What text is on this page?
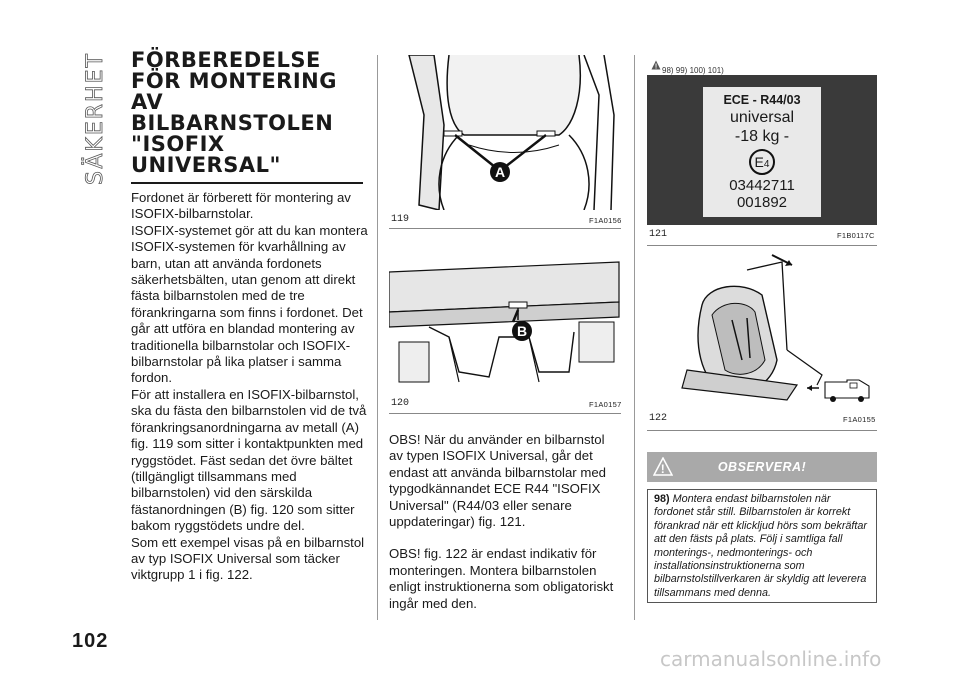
SÄKERHET
102
FÖRBEREDELSE
FÖR MONTERING AV
BILBARNSTOLEN
"ISOFIX
UNIVERSAL"

Fordonet är förberett för montering av ISOFIX-bilbarnstolar.

ISOFIX-systemet gör att du kan montera ISOFIX-systemen för kvarhållning av barn, utan att använda fordonets säkerhetsbälten, utan genom att direkt fästa bilbarnstolen med de tre förankringarna som finns i fordonet. Det går att utföra en blandad montering av traditionella bilbarnstolar och ISOFIX-bilbarnstolar på lika platser i samma fordon.

För att installera en ISOFIX-bilbarnstol, ska du fästa den bilbarnstolen vid de två förankringsanordningarna av metall (A) fig. 119 som sitter i kontaktpunkten med ryggstödet. Fäst sedan det övre bältet (tillgängligt tillsammans med bilbarnstolen) vid den särskilda fästanordningen (B) fig. 120 som sitter bakom ryggstödets undre del.

Som ett exempel visas på en bilbarnstol av typ ISOFIX Universal som täcker viktgrupp 1 i fig. 122.

A
119	F1A0156
B
120	F1A0157

OBS! När du använder en bilbarnstol av typen ISOFIX Universal, går det endast att använda bilbarnstolar med typgodkännandet ECE R44 "ISOFIX Universal" (R44/03 eller senare uppdateringar) fig. 121.

OBS! fig. 122 är endast indikativ för monteringen. Montera bilbarnstolen enligt instruktionerna som obligatoriskt ingår med den.

! 98) 99) 100) 101)
ECE - R44/03
universal
-18 kg -
E4
03442711
001892
121	F1B0117C
122	F1A0155
!	OBSERVERA!
98) Montera endast bilbarnstolen när fordonet står still. Bilbarnstolen är korrekt förankrad när ett klickljud hörs som bekräftar att den fästs på plats. Följ i samtliga fall monterings-, nedmonterings- och installationsinstruktionerna som bilbarnstolstillverkaren är skyldig att leverera tillsammans med denna.
carmanualsonline.info
